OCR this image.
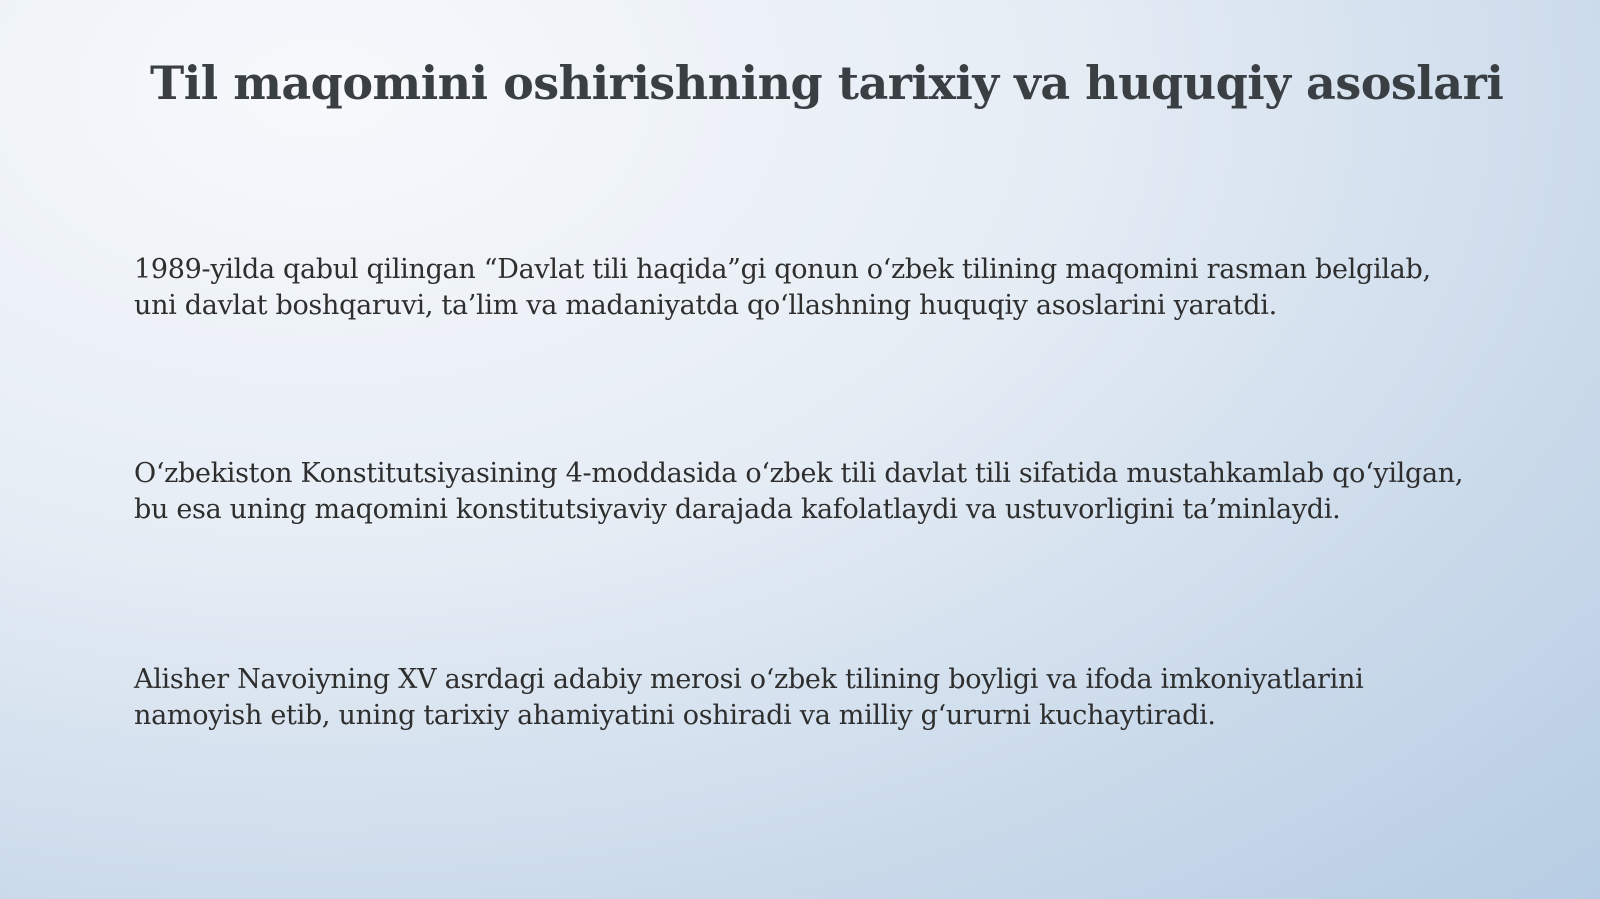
Til maqomini oshirishning tarixiy va huquqiy asoslari

1989-yilda qabul qilingan “Davlat tili haqida”gi qonun o‘zbek tilining maqomini rasman belgilab, uni davlat boshqaruvi, ta’lim va madaniyatda qo‘llashning huquqiy asoslarini yaratdi.

O‘zbekiston Konstitutsiyasining 4-moddasida o‘zbek tili davlat tili sifatida mustahkamlab qo‘yilgan, bu esa uning maqomini konstitutsiyaviy darajada kafolatlaydi va ustuvorligini ta’minlaydi.

Alisher Navoiyning XV asrdagi adabiy merosi o‘zbek tilining boyligi va ifoda imkoniyatlarini namoyish etib, uning tarixiy ahamiyatini oshiradi va milliy g‘ururni kuchaytiradi.
